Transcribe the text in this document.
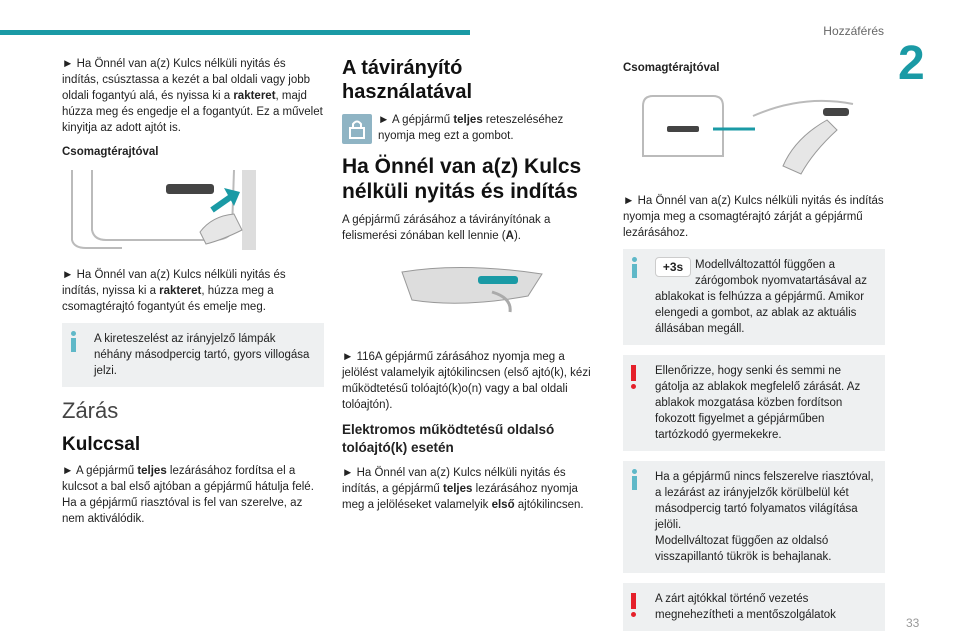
Hozzáférés
2
33

► Ha Önnél van a(z) Kulcs nélküli nyitás és indítás, csúsztassa a kezét a bal oldali vagy jobb oldali fogantyú alá, és nyissa ki a rakteret, majd húzza meg és engedje el a fogantyút. Ez a művelet kinyitja az adott ajtót is.

Csomagtérajtóval

► Ha Önnél van a(z) Kulcs nélküli nyitás és indítás, nyissa ki a rakteret, húzza meg a csomagtérajtó fogantyút és emelje meg.

A kireteszelést az irányjelző lámpák néhány másodpercig tartó, gyors villogása jelzi.
Zárás
Kulccsal

► A gépjármű teljes lezárásához fordítsa el a kulcsot a bal első ajtóban a gépjármű hátulja felé.
Ha a gépjármű riasztóval is fel van szerelve, az nem aktiválódik.

A távirányító használatával
► A gépjármű teljes reteszeléséhez nyomja meg ezt a gombot.
Ha Önnél van a(z) Kulcs nélküli nyitás és indítás

A gépjármű zárásához a távirányítónak a felismerési zónában kell lennie (A).

► 116A gépjármű zárásához nyomja meg a jelölést valamelyik ajtókilincsen (első ajtó(k), kézi működtetésű tolóajtó(k)o(n) vagy a bal oldali tolóajtón).

Elektromos működtetésű oldalsó tolóajtó(k) esetén

► Ha Önnél van a(z) Kulcs nélküli nyitás és indítás, a gépjármű teljes lezárásához nyomja meg a jelöléseket valamelyik első ajtókilincsen.

Csomagtérajtóval

► Ha Önnél van a(z) Kulcs nélküli nyitás és indítás nyomja meg a csomagtérajtó zárját a gépjármű lezárásához.

+3s	Modellváltozattól függően a zárógombok nyomvatartásával az ablakokat is felhúzza a gépjármű. Amikor elengedi a gombot, az ablak az aktuális állásában megáll.
Ellenőrizze, hogy senki és semmi ne gátolja az ablakok megfelelő zárását. Az ablakok mozgatása közben fordítson fokozott figyelmet a gépjárműben tartózkodó gyermekekre.
Ha a gépjármű nincs felszerelve riasztóval, a lezárást az irányjelzők körülbelül két másodpercig tartó folyamatos világítása jelöli.
Modellváltozat függően az oldalsó visszapillantó tükrök is behajlanak.
A zárt ajtókkal történő vezetés megnehezítheti a mentőszolgálatok
